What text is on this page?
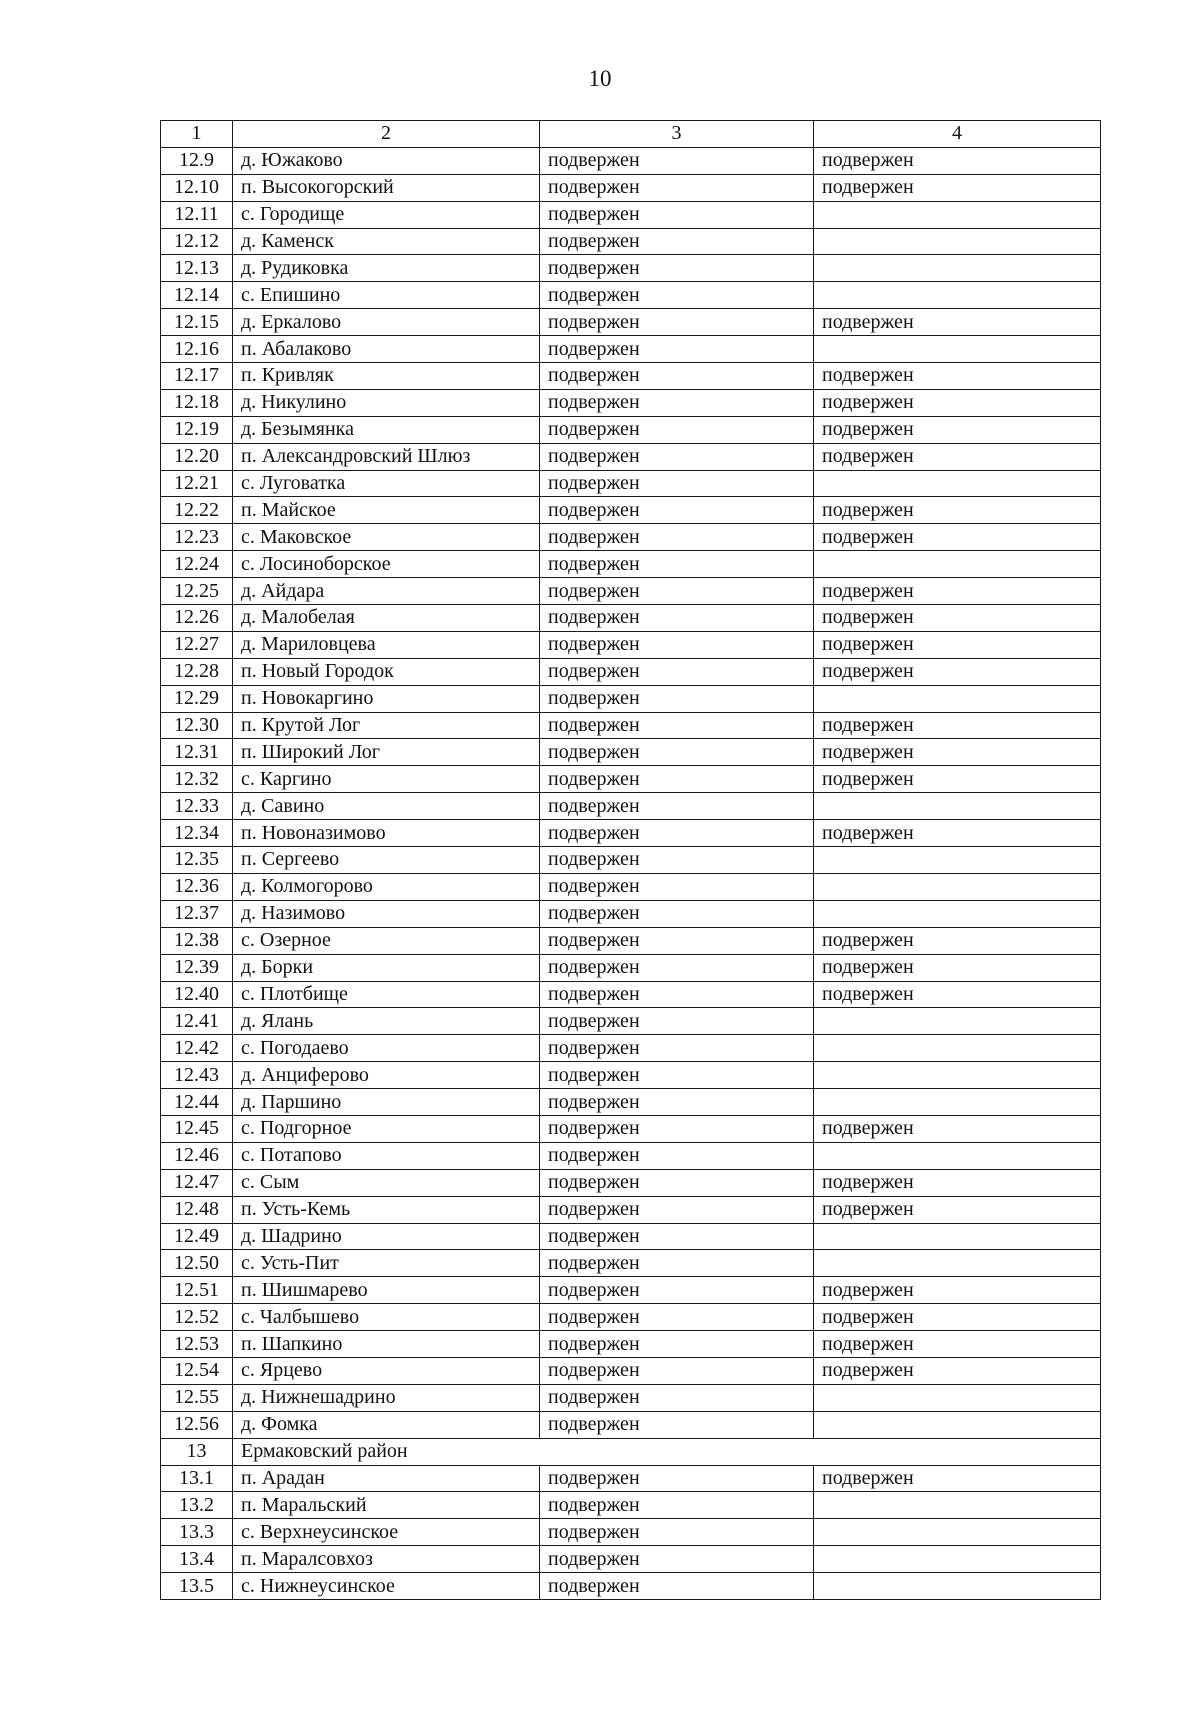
10
1	2	3	4
12.9	д. Южаково	подвержен	подвержен
12.10	п. Высокогорский	подвержен	подвержен
12.11	с. Городище	подвержен	
12.12	д. Каменск	подвержен	
12.13	д. Рудиковка	подвержен	
12.14	с. Епишино	подвержен	
12.15	д. Еркалово	подвержен	подвержен
12.16	п. Абалаково	подвержен	
12.17	п. Кривляк	подвержен	подвержен
12.18	д. Никулино	подвержен	подвержен
12.19	д. Безымянка	подвержен	подвержен
12.20	п. Александровский Шлюз	подвержен	подвержен
12.21	с. Луговатка	подвержен	
12.22	п. Майское	подвержен	подвержен
12.23	с. Маковское	подвержен	подвержен
12.24	с. Лосиноборское	подвержен	
12.25	д. Айдара	подвержен	подвержен
12.26	д. Малобелая	подвержен	подвержен
12.27	д. Мариловцева	подвержен	подвержен
12.28	п. Новый Городок	подвержен	подвержен
12.29	п. Новокаргино	подвержен	
12.30	п. Крутой Лог	подвержен	подвержен
12.31	п. Широкий Лог	подвержен	подвержен
12.32	с. Каргино	подвержен	подвержен
12.33	д. Савино	подвержен	
12.34	п. Новоназимово	подвержен	подвержен
12.35	п. Сергеево	подвержен	
12.36	д. Колмогорово	подвержен	
12.37	д. Назимово	подвержен	
12.38	с. Озерное	подвержен	подвержен
12.39	д. Борки	подвержен	подвержен
12.40	с. Плотбище	подвержен	подвержен
12.41	д. Ялань	подвержен	
12.42	с. Погодаево	подвержен	
12.43	д. Анциферово	подвержен	
12.44	д. Паршино	подвержен	
12.45	с. Подгорное	подвержен	подвержен
12.46	с. Потапово	подвержен	
12.47	с. Сым	подвержен	подвержен
12.48	п. Усть-Кемь	подвержен	подвержен
12.49	д. Шадрино	подвержен	
12.50	с. Усть-Пит	подвержен	
12.51	п. Шишмарево	подвержен	подвержен
12.52	с. Чалбышево	подвержен	подвержен
12.53	п. Шапкино	подвержен	подвержен
12.54	с. Ярцево	подвержен	подвержен
12.55	д. Нижнешадрино	подвержен	
12.56	д. Фомка	подвержен	
13	Ермаковский район		
13.1	п. Арадан	подвержен	подвержен
13.2	п. Маральский	подвержен	
13.3	с. Верхнеусинское	подвержен	
13.4	п. Маралсовхоз	подвержен	
13.5	с. Нижнеусинское	подвержен	
